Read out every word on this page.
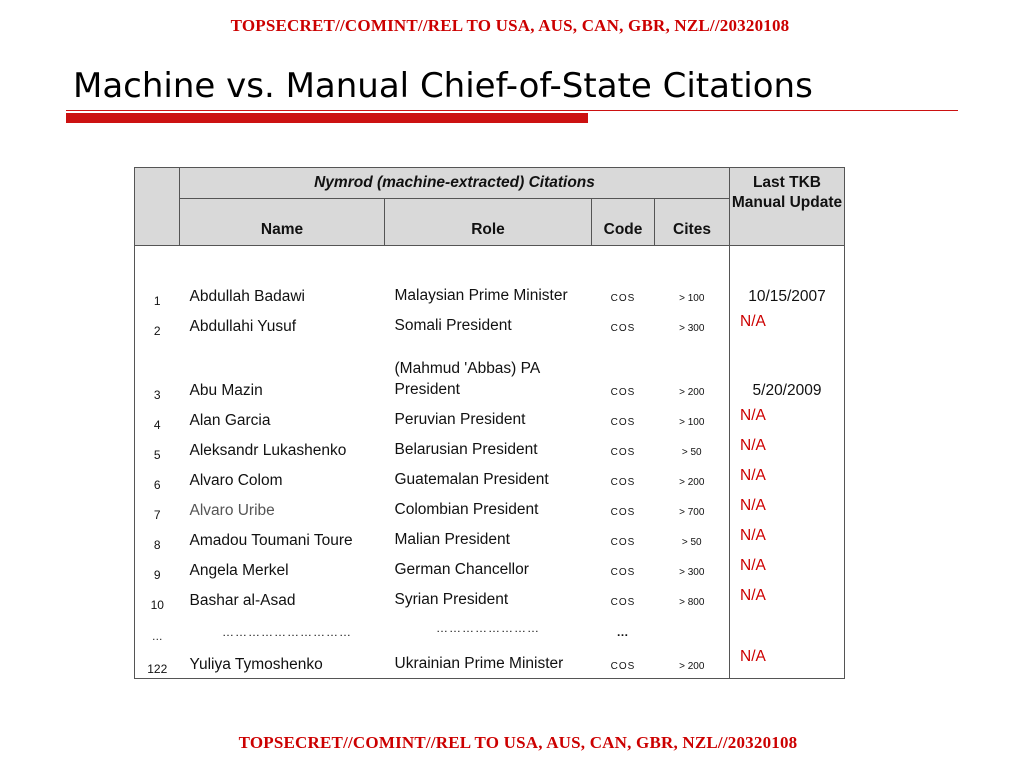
TOPSECRET//COMINT//REL TO USA, AUS, CAN, GBR, NZL//20320108
Machine vs. Manual Chief-of-State Citations
	Nymrod (machine-extracted) Citations				Last TKB Manual Update
	Name	Role	Code	Cites	
1	Abdullah Badawi	Malaysian Prime Minister	COS	> 100	10/15/2007
2	Abdullahi Yusuf	Somali President	COS	> 300	N/A
3	Abu Mazin	(Mahmud 'Abbas) PA President	COS	> 200	5/20/2009
4	Alan Garcia	Peruvian President	COS	> 100	N/A
5	Aleksandr Lukashenko	Belarusian President	COS	> 50	N/A
6	Alvaro Colom	Guatemalan President	COS	> 200	N/A
7	Alvaro Uribe	Colombian President	COS	> 700	N/A
8	Amadou Toumani Toure	Malian President	COS	> 50	N/A
9	Angela Merkel	German Chancellor	COS	> 300	N/A
10	Bashar al-Asad	Syrian President	COS	> 800	N/A
…	…………………………	……………………	…		
122	Yuliya Tymoshenko	Ukrainian Prime Minister	COS	> 200	N/A
TOPSECRET//COMINT//REL TO USA, AUS, CAN, GBR, NZL//20320108
